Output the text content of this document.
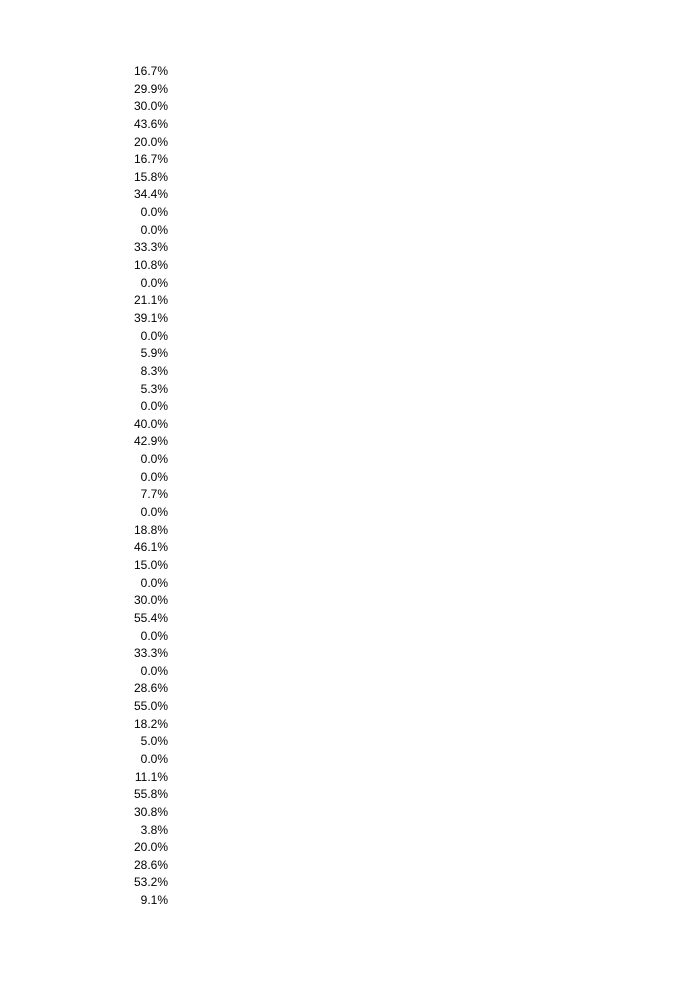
16.7%
29.9%
30.0%
43.6%
20.0%
16.7%
15.8%
34.4%
0.0%
0.0%
33.3%
10.8%
0.0%
21.1%
39.1%
0.0%
5.9%
8.3%
5.3%
0.0%
40.0%
42.9%
0.0%
0.0%
7.7%
0.0%
18.8%
46.1%
15.0%
0.0%
30.0%
55.4%
0.0%
33.3%
0.0%
28.6%
55.0%
18.2%
5.0%
0.0%
11.1%
55.8%
30.8%
3.8%
20.0%
28.6%
53.2%
9.1%
